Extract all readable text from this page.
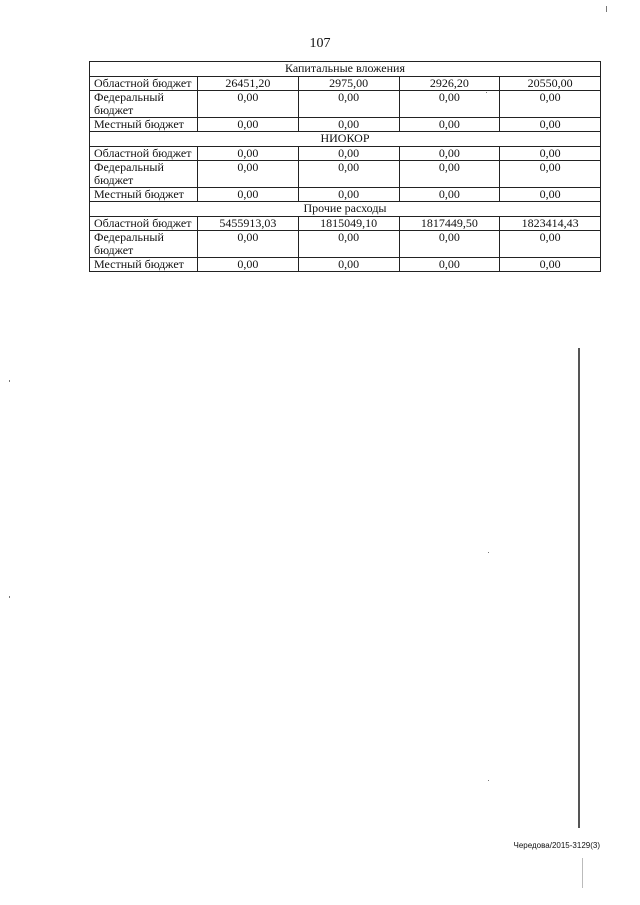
107
Капитальные вложения				
Областной бюджет	26451,20	2975,00	2926,20	20550,00
Федеральный бюджет	0,00	0,00	0,00	0,00
Местный бюджет	0,00	0,00	0,00	0,00
НИОКОР				
Областной бюджет	0,00	0,00	0,00	0,00
Федеральный бюджет	0,00	0,00	0,00	0,00
Местный бюджет	0,00	0,00	0,00	0,00
Прочие расходы				
Областной бюджет	5455913,03	1815049,10	1817449,50	1823414,43
Федеральный бюджет	0,00	0,00	0,00	0,00
Местный бюджет	0,00	0,00	0,00	0,00
Чередова/2015-3129(3)
